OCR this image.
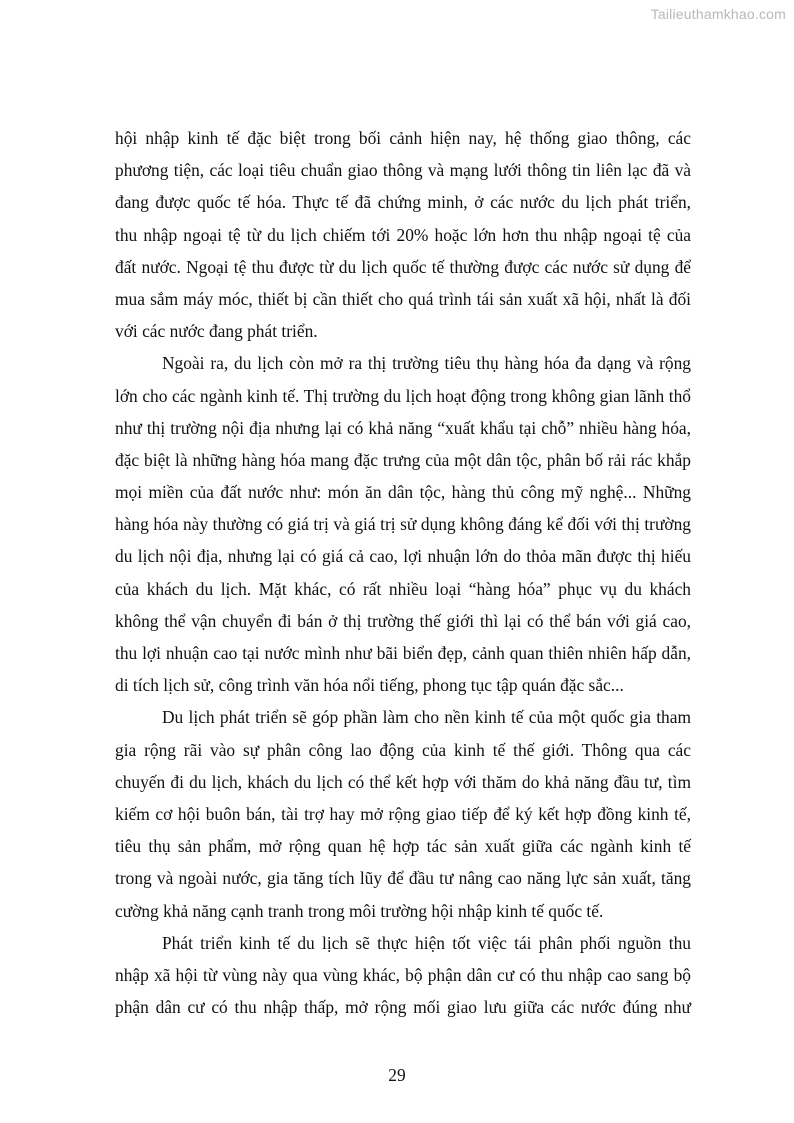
Tailieuthamkhao.com

hội nhập kinh tế đặc biệt trong bối cảnh hiện nay, hệ thống giao thông, các
phương tiện, các loại tiêu chuẩn giao thông và mạng lưới thông tin liên lạc đã và
đang được quốc tế hóa. Thực tế đã chứng minh, ở các nước du lịch phát triển,
thu nhập ngoại tệ từ du lịch chiếm tới 20% hoặc lớn hơn thu nhập ngoại tệ của
đất nước. Ngoại tệ thu được từ du lịch quốc tế thường được các nước sử dụng để
mua sắm máy móc, thiết bị cần thiết cho quá trình tái sản xuất xã hội, nhất là đối
với các nước đang phát triển.

Ngoài ra, du lịch còn mở ra thị trường tiêu thụ hàng hóa đa dạng và rộng
lớn cho các ngành kinh tế. Thị trường du lịch hoạt động trong không gian lãnh thổ
như thị trường nội địa nhưng lại có khả năng “xuất khẩu tại chỗ” nhiều hàng hóa,
đặc biệt là những hàng hóa mang đặc trưng của một dân tộc, phân bố rải rác khắp
mọi miền của đất nước như: món ăn dân tộc, hàng thủ công mỹ nghệ... Những
hàng hóa này thường có giá trị và giá trị sử dụng không đáng kể đối với thị trường
du lịch nội địa, nhưng lại có giá cả cao, lợi nhuận lớn do thỏa mãn được thị hiếu
của khách du lịch. Mặt khác, có rất nhiều loại “hàng hóa” phục vụ du khách
không thể vận chuyển đi bán ở thị trường thế giới thì lại có thể bán với giá cao,
thu lợi nhuận cao tại nước mình như bãi biển đẹp, cảnh quan thiên nhiên hấp dẫn,
di tích lịch sử, công trình văn hóa nổi tiếng, phong tục tập quán đặc sắc...

Du lịch phát triển sẽ góp phần làm cho nền kinh tế của một quốc gia tham
gia rộng rãi vào sự phân công lao động của kinh tế thế giới. Thông qua các
chuyến đi du lịch, khách du lịch có thể kết hợp với thăm do khả năng đầu tư, tìm
kiếm cơ hội buôn bán, tài trợ hay mở rộng giao tiếp để ký kết hợp đồng kinh tế,
tiêu thụ sản phẩm, mở rộng quan hệ hợp tác sản xuất giữa các ngành kinh tế
trong và ngoài nước, gia tăng tích lũy để đầu tư nâng cao năng lực sản xuất, tăng
cường khả năng cạnh tranh trong môi trường hội nhập kinh tế quốc tế.

Phát triển kinh tế du lịch sẽ thực hiện tốt việc tái phân phối nguồn thu
nhập xã hội từ vùng này qua vùng khác, bộ phận dân cư có thu nhập cao sang bộ
phận dân cư có thu nhập thấp, mở rộng mối giao lưu giữa các nước đúng như

29
